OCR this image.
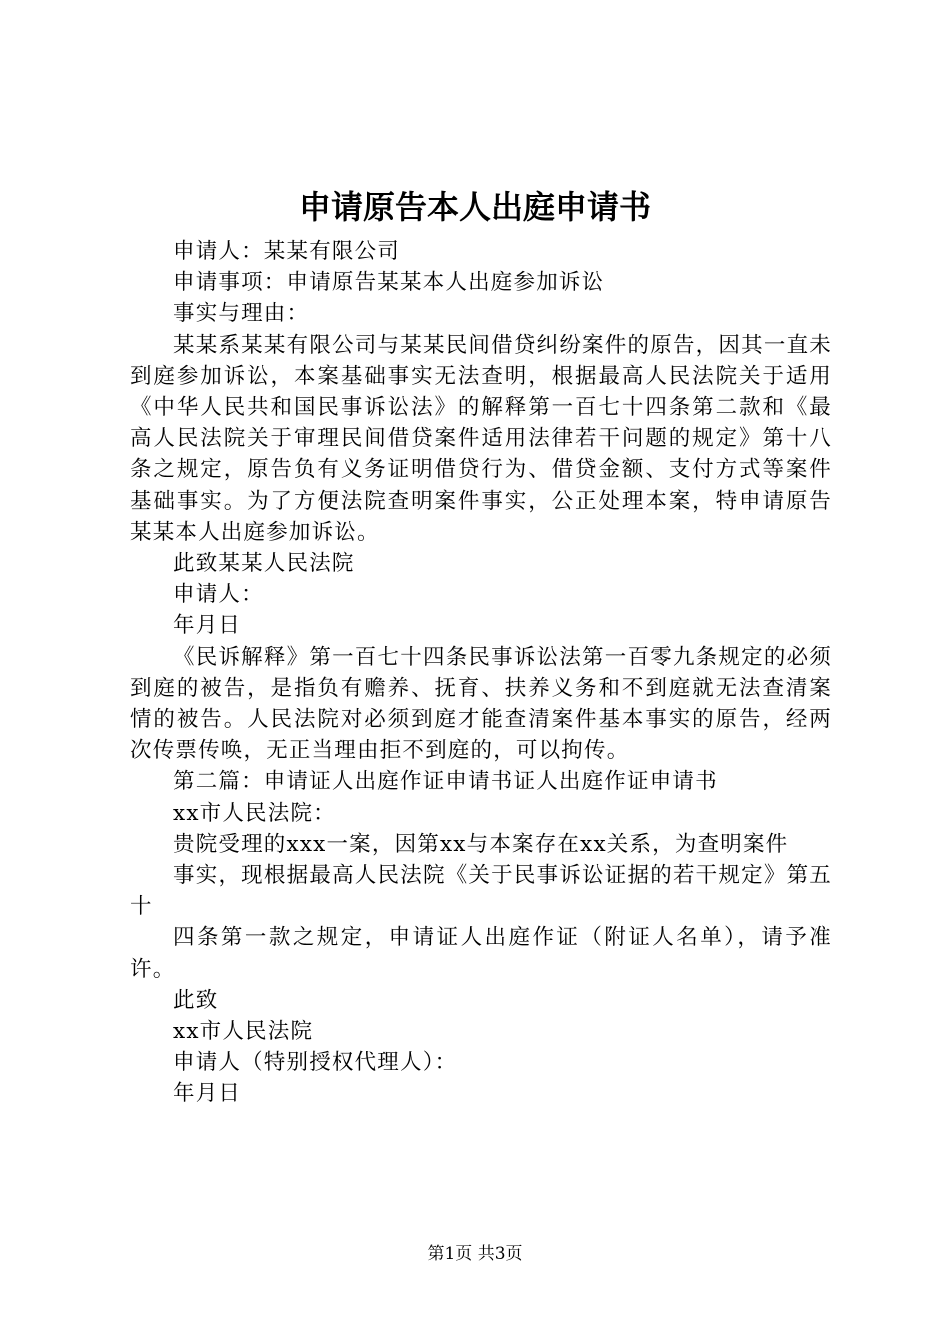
申请原告本人出庭申请书

申请人：某某有限公司

申请事项：申请原告某某本人出庭参加诉讼

事实与理由：

某某系某某有限公司与某某民间借贷纠纷案件的原告，因其一直未到庭参加诉讼，本案基础事实无法查明，根据最高人民法院关于适用《中华人民共和国民事诉讼法》的解释第一百七十四条第二款和《最高人民法院关于审理民间借贷案件适用法律若干问题的规定》第十八条之规定，原告负有义务证明借贷行为、借贷金额、支付方式等案件基础事实。为了方便法院查明案件事实，公正处理本案，特申请原告某某本人出庭参加诉讼。

此致某某人民法院

申请人：

年月日

《民诉解释》第一百七十四条民事诉讼法第一百零九条规定的必须到庭的被告，是指负有赡养、抚育、扶养义务和不到庭就无法查清案情的被告。人民法院对必须到庭才能查清案件基本事实的原告，经两次传票传唤，无正当理由拒不到庭的，可以拘传。

第二篇：申请证人出庭作证申请书证人出庭作证申请书

xx市人民法院：

贵院受理的xxx一案，因第xx与本案存在xx关系，为查明案件

事实，现根据最高人民法院《关于民事诉讼证据的若干规定》第五十

四条第一款之规定，申请证人出庭作证（附证人名单），请予准许。

此致

xx市人民法院

申请人（特别授权代理人）：

年月日

第1页 共3页
